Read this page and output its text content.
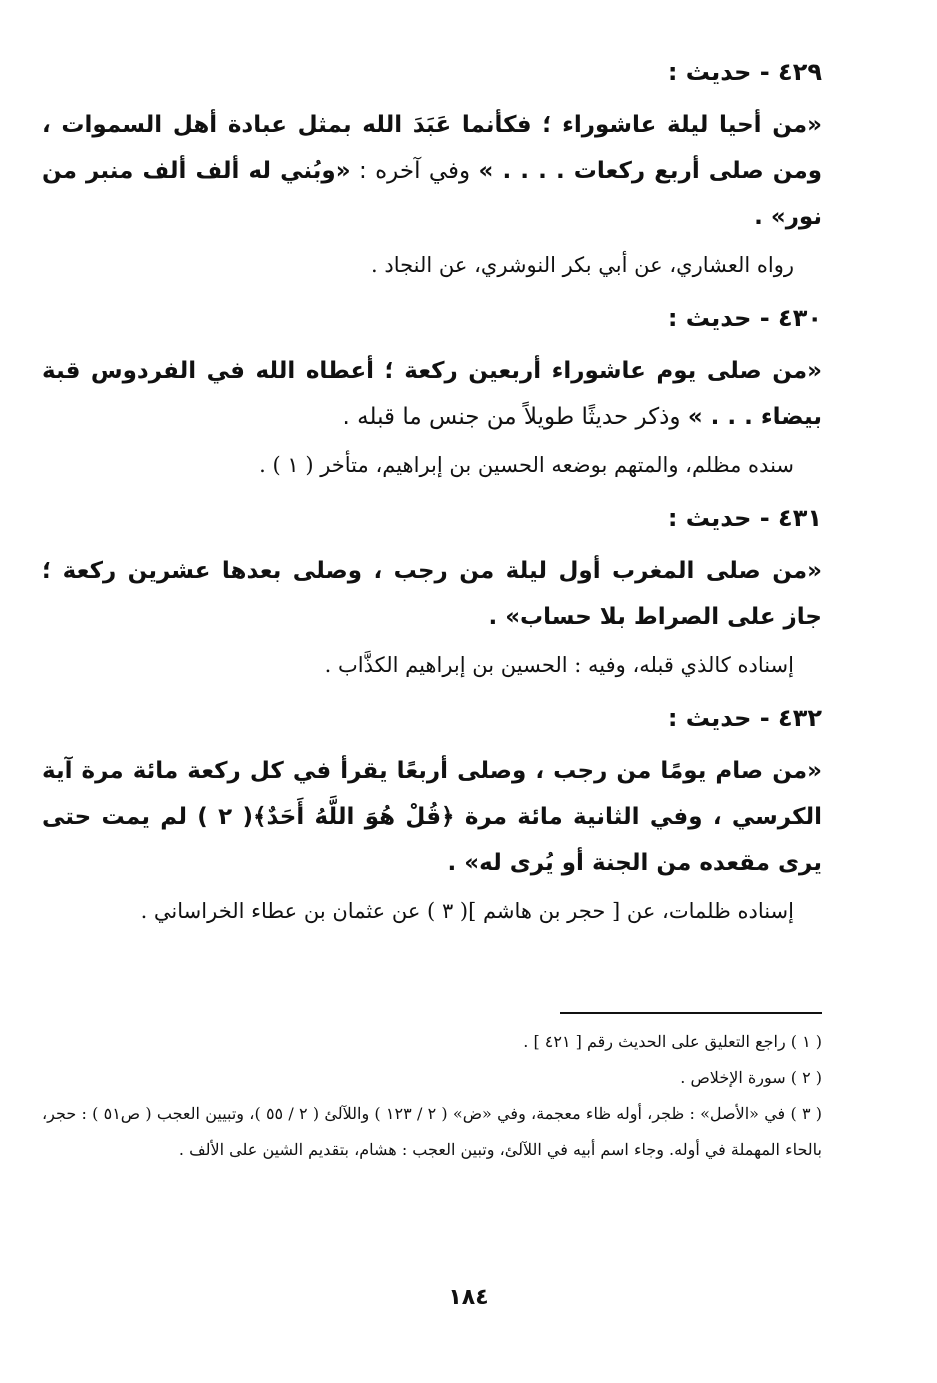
٤٢٩ - حديث :

«من أحيا ليلة عاشوراء ؛ فكأنما عَبَدَ الله بمثل عبادة أهل السموات ، ومن صلى أربع ركعات . . . . » وفي آخره : «وبُني له ألف ألف منبر من نور» .

رواه العشاري، عن أبي بكر النوشري، عن النجاد .

٤٣٠ - حديث :

«من صلى يوم عاشوراء أربعين ركعة ؛ أعطاه الله في الفردوس قبة بيضاء . . . » وذكر حديثًا طويلاً من جنس ما قبله .

سنده مظلم، والمتهم بوضعه الحسين بن إبراهيم، متأخر ( ١ ) .

٤٣١ - حديث :

«من صلى المغرب أول ليلة من رجب ، وصلى بعدها عشرين ركعة ؛ جاز على الصراط بلا حساب» .

إسناده كالذي قبله، وفيه : الحسين بن إبراهيم الكذَّاب .

٤٣٢ - حديث :

«من صام يومًا من رجب ، وصلى أربعًا يقرأ في كل ركعة مائة مرة آية الكرسي ، وفي الثانية مائة مرة ﴿قُلْ هُوَ اللَّهُ أَحَدٌ﴾( ٢ ) لم يمت حتى يرى مقعده من الجنة أو يُرى له» .

إسناده ظلمات، عن [ حجر بن هاشم ]( ٣ ) عن عثمان بن عطاء الخراساني .

( ١ ) راجع التعليق على الحديث رقم [ ٤٢١ ] .

( ٢ ) سورة الإخلاص .

( ٣ ) في «الأصل» : ظجر، أوله ظاء معجمة، وفي «ض» ( ٢ / ١٢٣ ) واللآلئ ( ٢ / ٥٥ )، وتبيين العجب ( ص٥١ ) : حجر، بالحاء المهملة في أوله. وجاء اسم أبيه في اللآلئ، وتبين العجب : هشام، بتقديم الشين على الألف .

١٨٤
